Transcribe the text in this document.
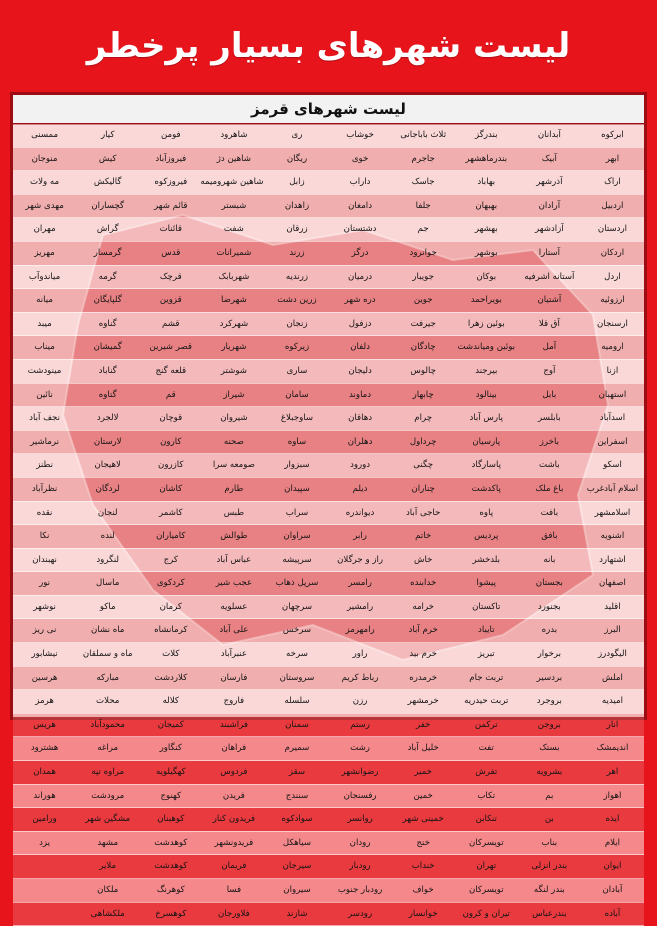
لیست شهرهای بسیار پرخطر
لیست شهرهای قرمز
ابرکوه	آبدانان	بندرگز	ثلاث باباجانی	خوشاب	ری	شاهرود	فومن	کیار	ممسنی
ابهر	آبیک	بندرماهشهر	جاجرم	خوی	ریگان	شاهین دژ	فیروزآباد	کیش	منوجان
اراک	آذرشهر	بهاباد	جاسک	داراب	زابل	شاهین شهرومیمه	فیروزکوه	گالیکش	مه ولات
اردبیل	آرادان	بهبهان	جلفا	دامغان	زاهدان	شبستر	قائم شهر	گچساران	مهدی شهر
اردستان	آزادشهر	بهشهر	جم	دشتستان	زرقان	شفت	قائنات	گراش	مهران
اردکان	آستارا	بوشهر	جوانرود	درگز	زرند	شمیرانات	قدس	گرمسار	مهریز
اردل	آستانه اشرفیه	بوکان	جویبار	درمیان	زرندیه	شهربابک	قرچک	گرمه	میاندوآب
ارزوئیه	آشتیان	بویراحمد	جوین	دره شهر	زرین دشت	شهرضا	قزوین	گلپایگان	میانه
ارسنجان	آق قلا	بوئین زهرا	جیرفت	دزفول	زنجان	شهرکرد	قشم	گناوه	میبد
ارومیه	آمل	بوئین ومیاندشت	چادگان	دلفان	زیرکوه	شهریار	قصر شیرین	گمیشان	میناب
ازنا	آوج	بیرجند	چالوس	دلیجان	ساری	شوشتر	قلعه گنج	گناباد	مینودشت
استهبان	بابل	بینالود	چابهار	دماوند	سامان	شیراز	قم	گتاوه	نائین
اسدآباد	بابلسر	پارس آباد	چرام	دهاقان	ساوجبلاغ	شیروان	قوچان	لالجرد	نجف آباد
اسفراین	باخرز	پارسیان	چرداول	دهلران	ساوه	صحنه	کارون	لارستان	نرماشیر
اسکو	باشت	پاسارگاد	چگنی	دورود	سبزوار	صومعه سرا	کازرون	لاهیجان	نطنز
اسلام آبادغرب	باغ ملک	پاکدشت	چناران	دیلم	سپیدان	طارم	کاشان	لردگان	نظرآباد
اسلامشهر	بافت	پاوه	حاجی آباد	دیواندره	سراب	طبس	کاشمر	لنجان	نقده
اشنویه	بافق	پردیس	خاتم	رابر	سراوان	طوالش	کامیاران	لنده	نکا
اشتهارد	بانه	بلدخشر	خاش	راز و جرگلان	سرپیشه	عباس آباد	کرج	لنگرود	نهبندان
اصفهان	بجستان	پیشوا	خدابنده	رامسر	سرپل ذهاب	عجب شیر	کردکوی	ماسال	نور
اقلید	بجنورد	تاکستان	خرامه	رامشیر	سرچهان	عسلویه	کرمان	ماکو	نوشهر
البرز	بدره	تایباد	خرم آباد	رامهرمز	سرخس	علی آباد	کرمانشاه	ماه نشان	نی ریز
الیگودرز	برخوار	تبریز	خرم بید	راور	سرخه	عنبرآباد	کلات	ماه و سملقان	نیشابور
املش	بردسیر	تربت جام	خرمدره	رباط کریم	سروستان	فارسان	کلاردشت	مبارکه	هرسین
امیدیه	بروجرد	تربت حیدریه	خرمشهر	رزن	سلسله	فاروج	کلاله	محلات	هرمز
انار	بروجن	ترکمن	خفر	رستم	سمنان	فراشبند	کمیجان	محمودآباد	هریس
اندیمشک	بستک	تفت	خلیل آباد	رشت	سمیرم	فراهان	کنگاور	مراغه	هشترود
اهر	بشرویه	تفرش	خمیر	رضوانشهر	سقز	فردوس	کهگیلویه	مراوه تپه	همدان
اهواز	بم	تکاب	خمین	رفسنجان	سنندج	فریدن	کهنوج	مرودشت	هوراند
ایذه	بن	تنکابن	خمینی شهر	روانسر	سوادکوه	فریدون کنار	کوهبنان	مشگین شهر	ورامین
ایلام	بناب	تویسرکان	خنج	رودان	سیاهکل	فریدونشهر	کوهدشت	مشهد	یزد
ایوان	بندر انزلی	تهران	خنداب	رودبار	سیرجان	فریمان	کوهدشت	ملایر	
آبادان	بندر لنگه	تویسرکان	خواف	رودبار جنوب	سیروان	فسا	کوهرنگ	ملکان	
آباده	بندرعباس	تیران و کرون	خوانسار	رودسر	شازند	فلاورجان	کوهسرخ	ملکشاهی	
